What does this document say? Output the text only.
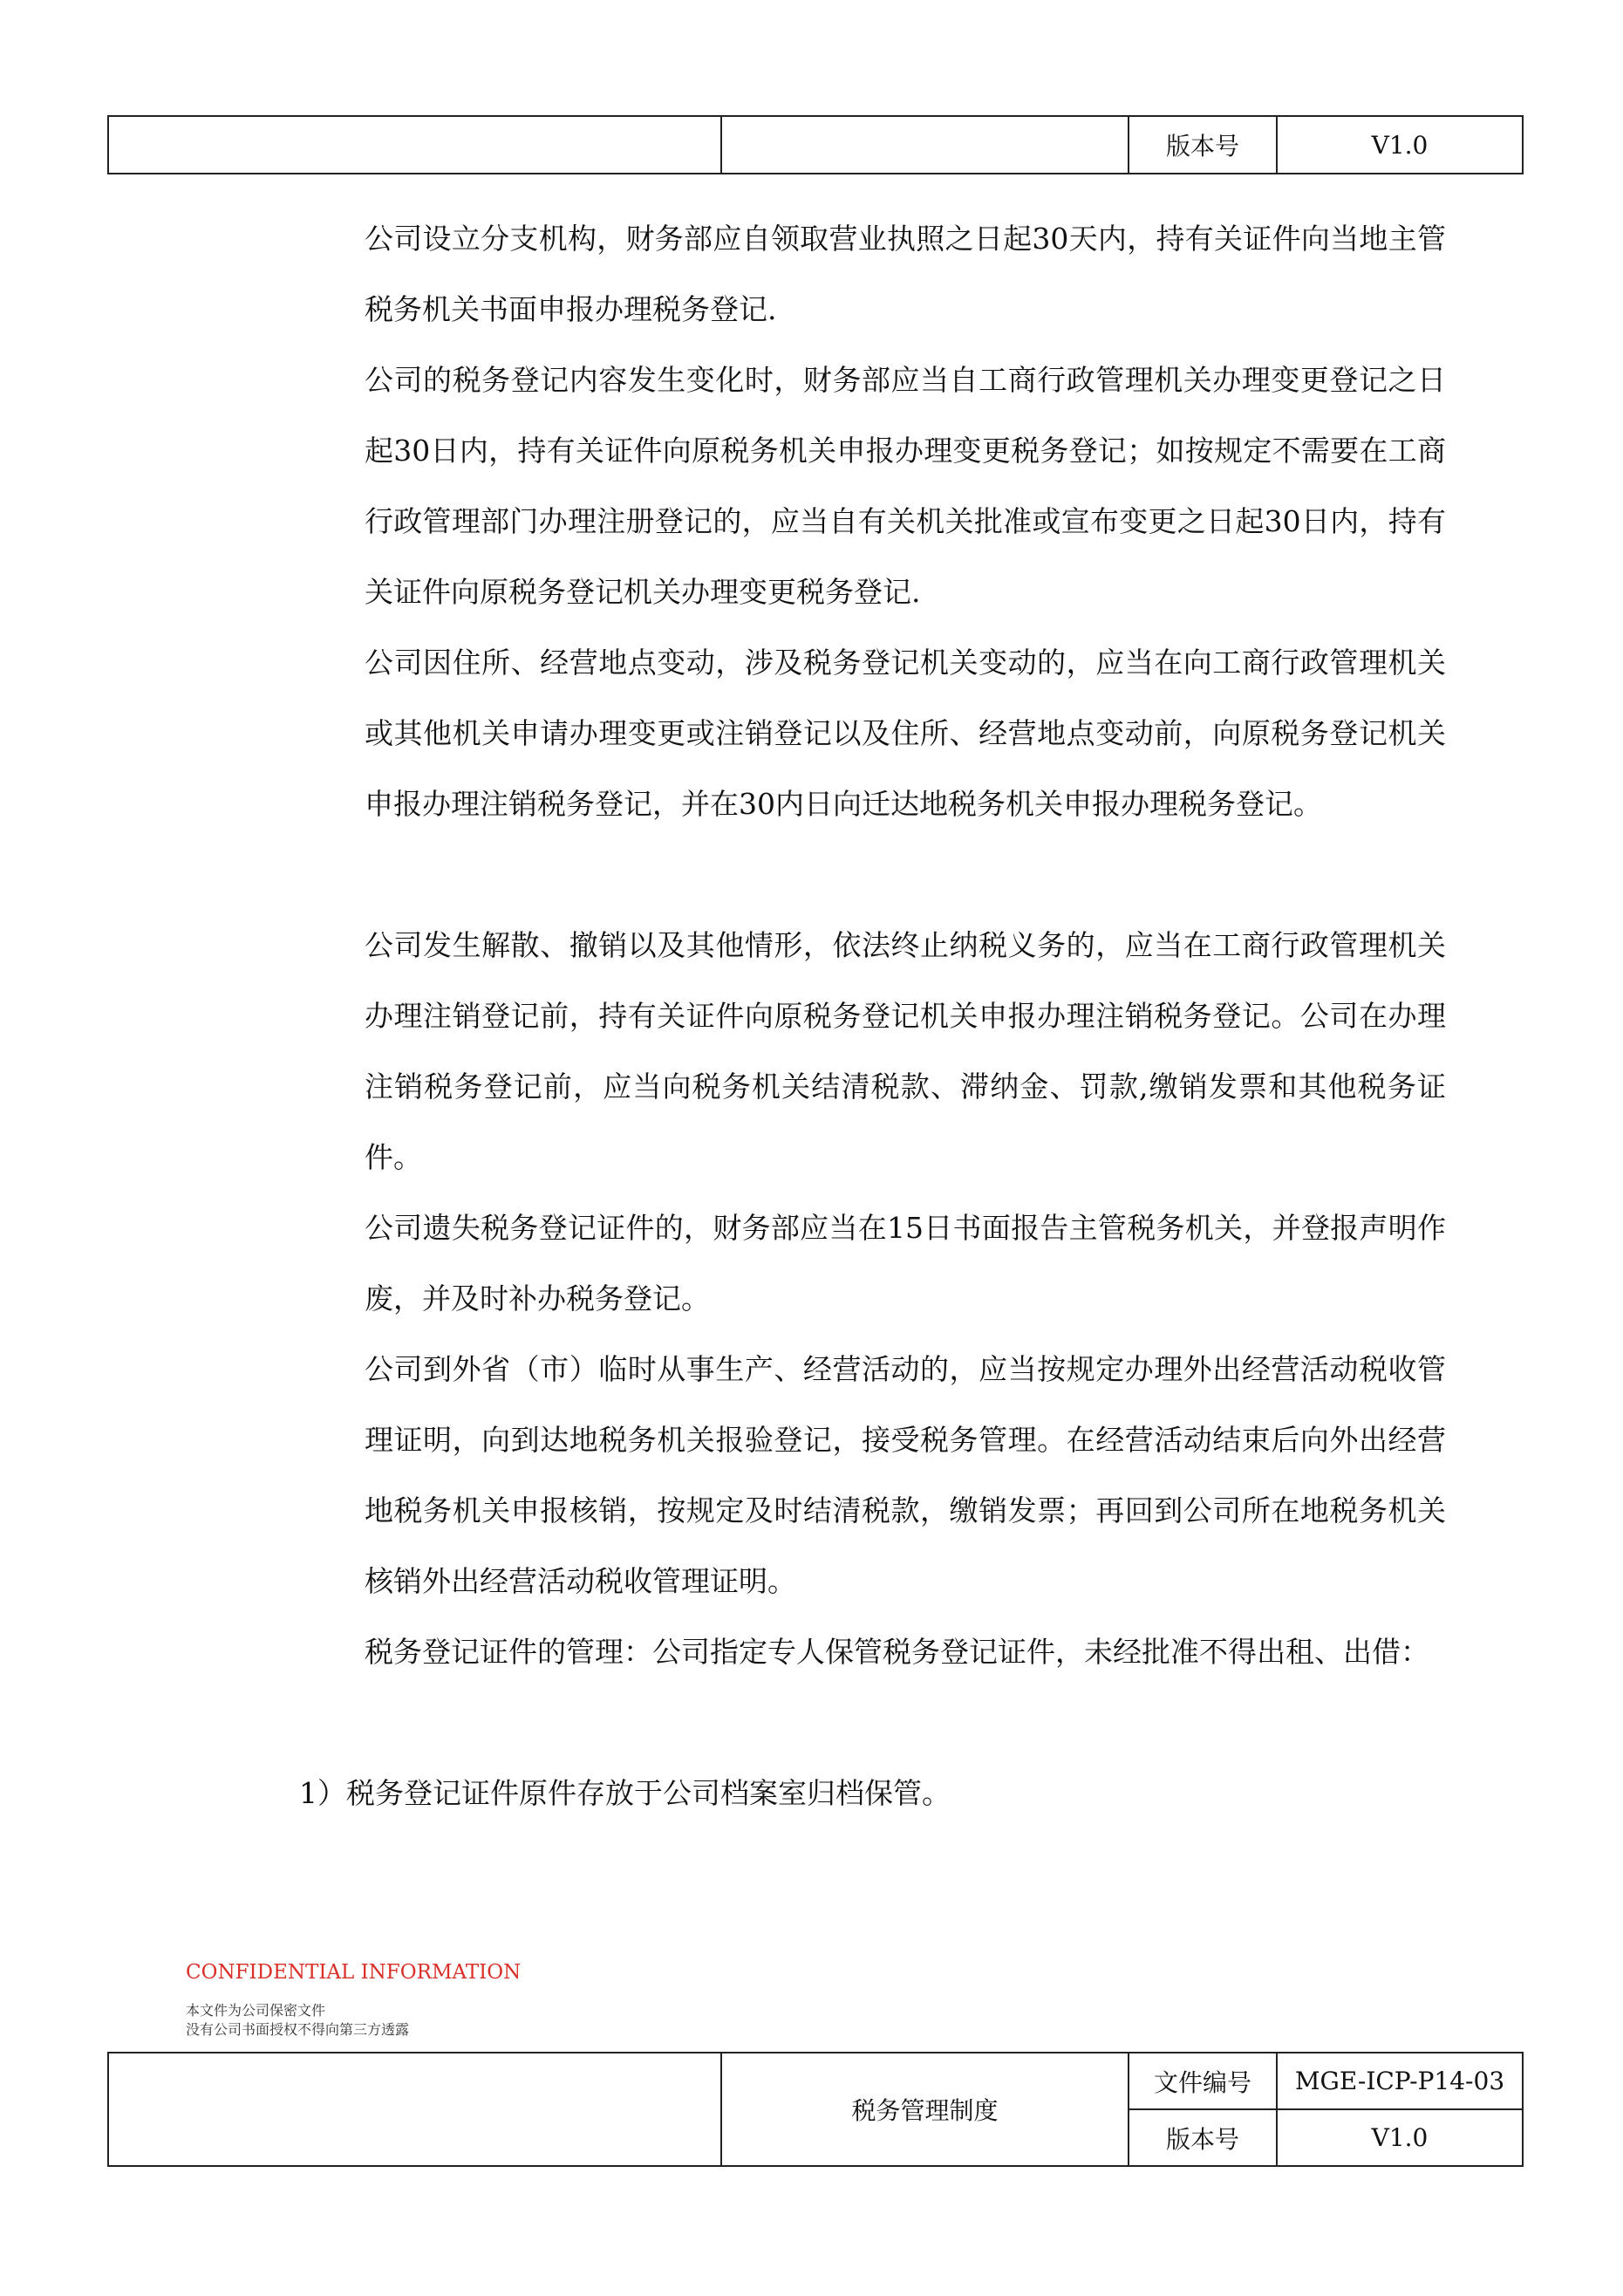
		版本号	V1.0

公司设立分支机构，财务部应自领取营业执照之日起30天内，持有关证件向当地主管税务机关书面申报办理税务登记.

公司的税务登记内容发生变化时，财务部应当自工商行政管理机关办理变更登记之日起30日内，持有关证件向原税务机关申报办理变更税务登记；如按规定不需要在工商行政管理部门办理注册登记的，应当自有关机关批准或宣布变更之日起30日内，持有关证件向原税务登记机关办理变更税务登记.

公司因住所、经营地点变动，涉及税务登记机关变动的，应当在向工商行政管理机关或其他机关申请办理变更或注销登记以及住所、经营地点变动前，向原税务登记机关申报办理注销税务登记，并在30内日向迁达地税务机关申报办理税务登记。

公司发生解散、撤销以及其他情形，依法终止纳税义务的，应当在工商行政管理机关办理注销登记前，持有关证件向原税务登记机关申报办理注销税务登记。公司在办理注销税务登记前，应当向税务机关结清税款、滞纳金、罚款,缴销发票和其他税务证件。

公司遗失税务登记证件的，财务部应当在15日书面报告主管税务机关，并登报声明作废，并及时补办税务登记。

公司到外省（市）临时从事生产、经营活动的，应当按规定办理外出经营活动税收管理证明，向到达地税务机关报验登记，接受税务管理。在经营活动结束后向外出经营地税务机关申报核销，按规定及时结清税款，缴销发票；再回到公司所在地税务机关核销外出经营活动税收管理证明。

税务登记证件的管理：公司指定专人保管税务登记证件，未经批准不得出租、出借：

1）税务登记证件原件存放于公司档案室归档保管。

CONFIDENTIAL INFORMATION

本文件为公司保密文件

没有公司书面授权不得向第三方透露

	税务管理制度	文件编号	MGE-ICP-P14-03
		版本号	V1.0
